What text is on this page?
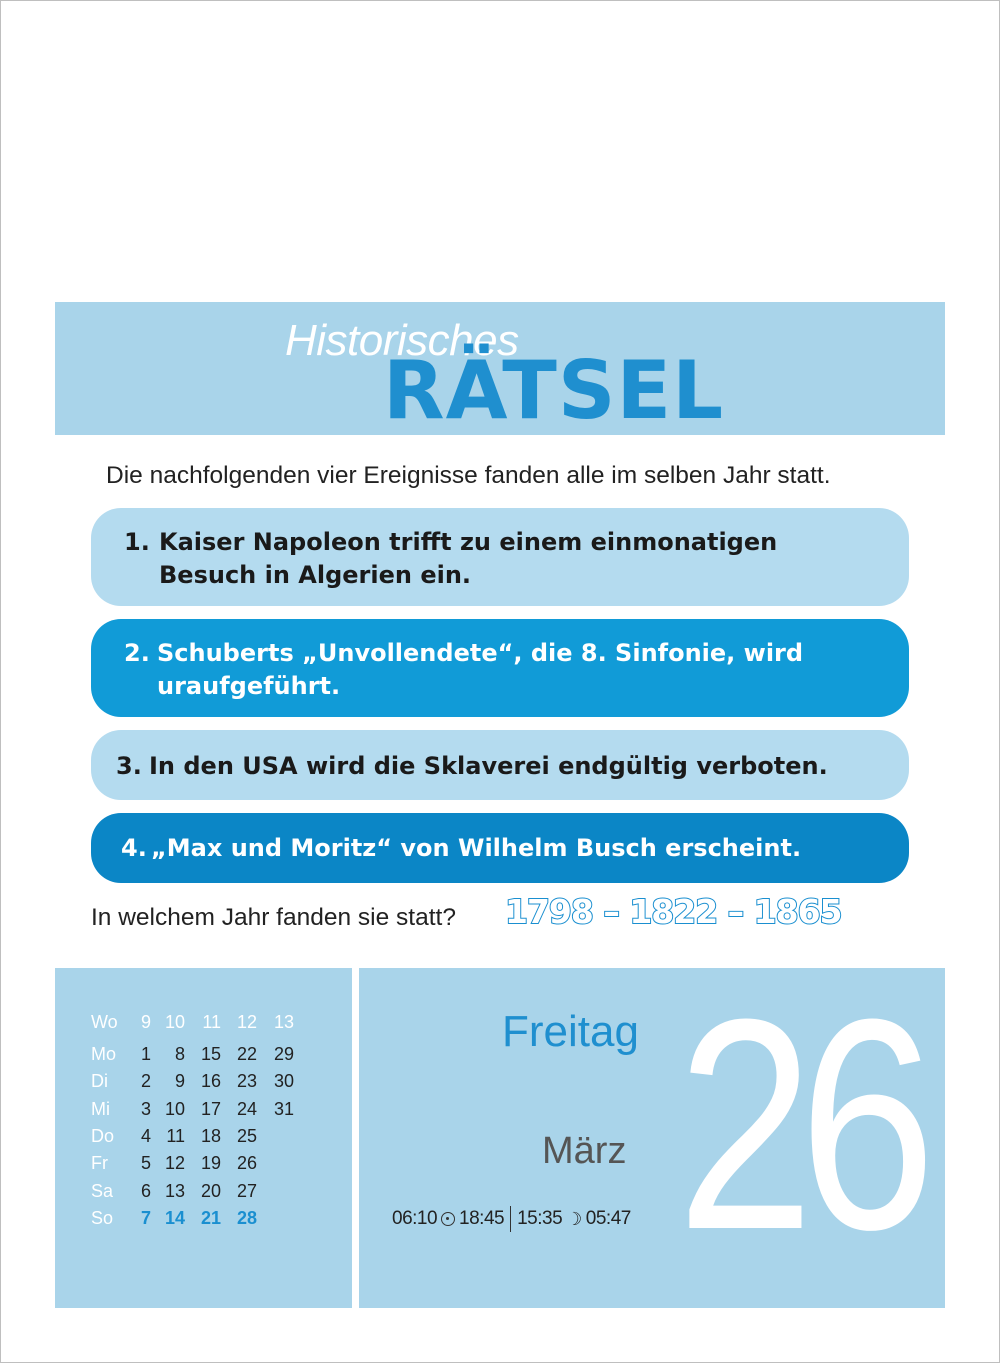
Historisches
RÄTSEL
Die nachfolgenden vier Ereignisse fanden alle im selben Jahr statt.
1. Kaiser Napoleon trifft zu einem einmonatigen
Besuch in Algerien ein.
2. Schuberts „Unvollendete“, die 8. Sinfonie, wird
uraufgeführt.
3. In den USA wird die Sklaverei endgültig verboten.
4. „Max und Moritz“ von Wilhelm Busch erscheint.
In welchem Jahr fanden sie statt? 1798 – 1822 – 1865
Wo	9 10 11 12 13
Mo	1	8 15 22 29
Di	2	9 16 23 30
Mi	3 10 17 24 31
Do	4 11 18 25
Fr	5 12 19 26
Sa	6 13 20 27
So	7 14 21 28
Freitag
März 26
06:10 18:45 15:35 ☽ 05:47
